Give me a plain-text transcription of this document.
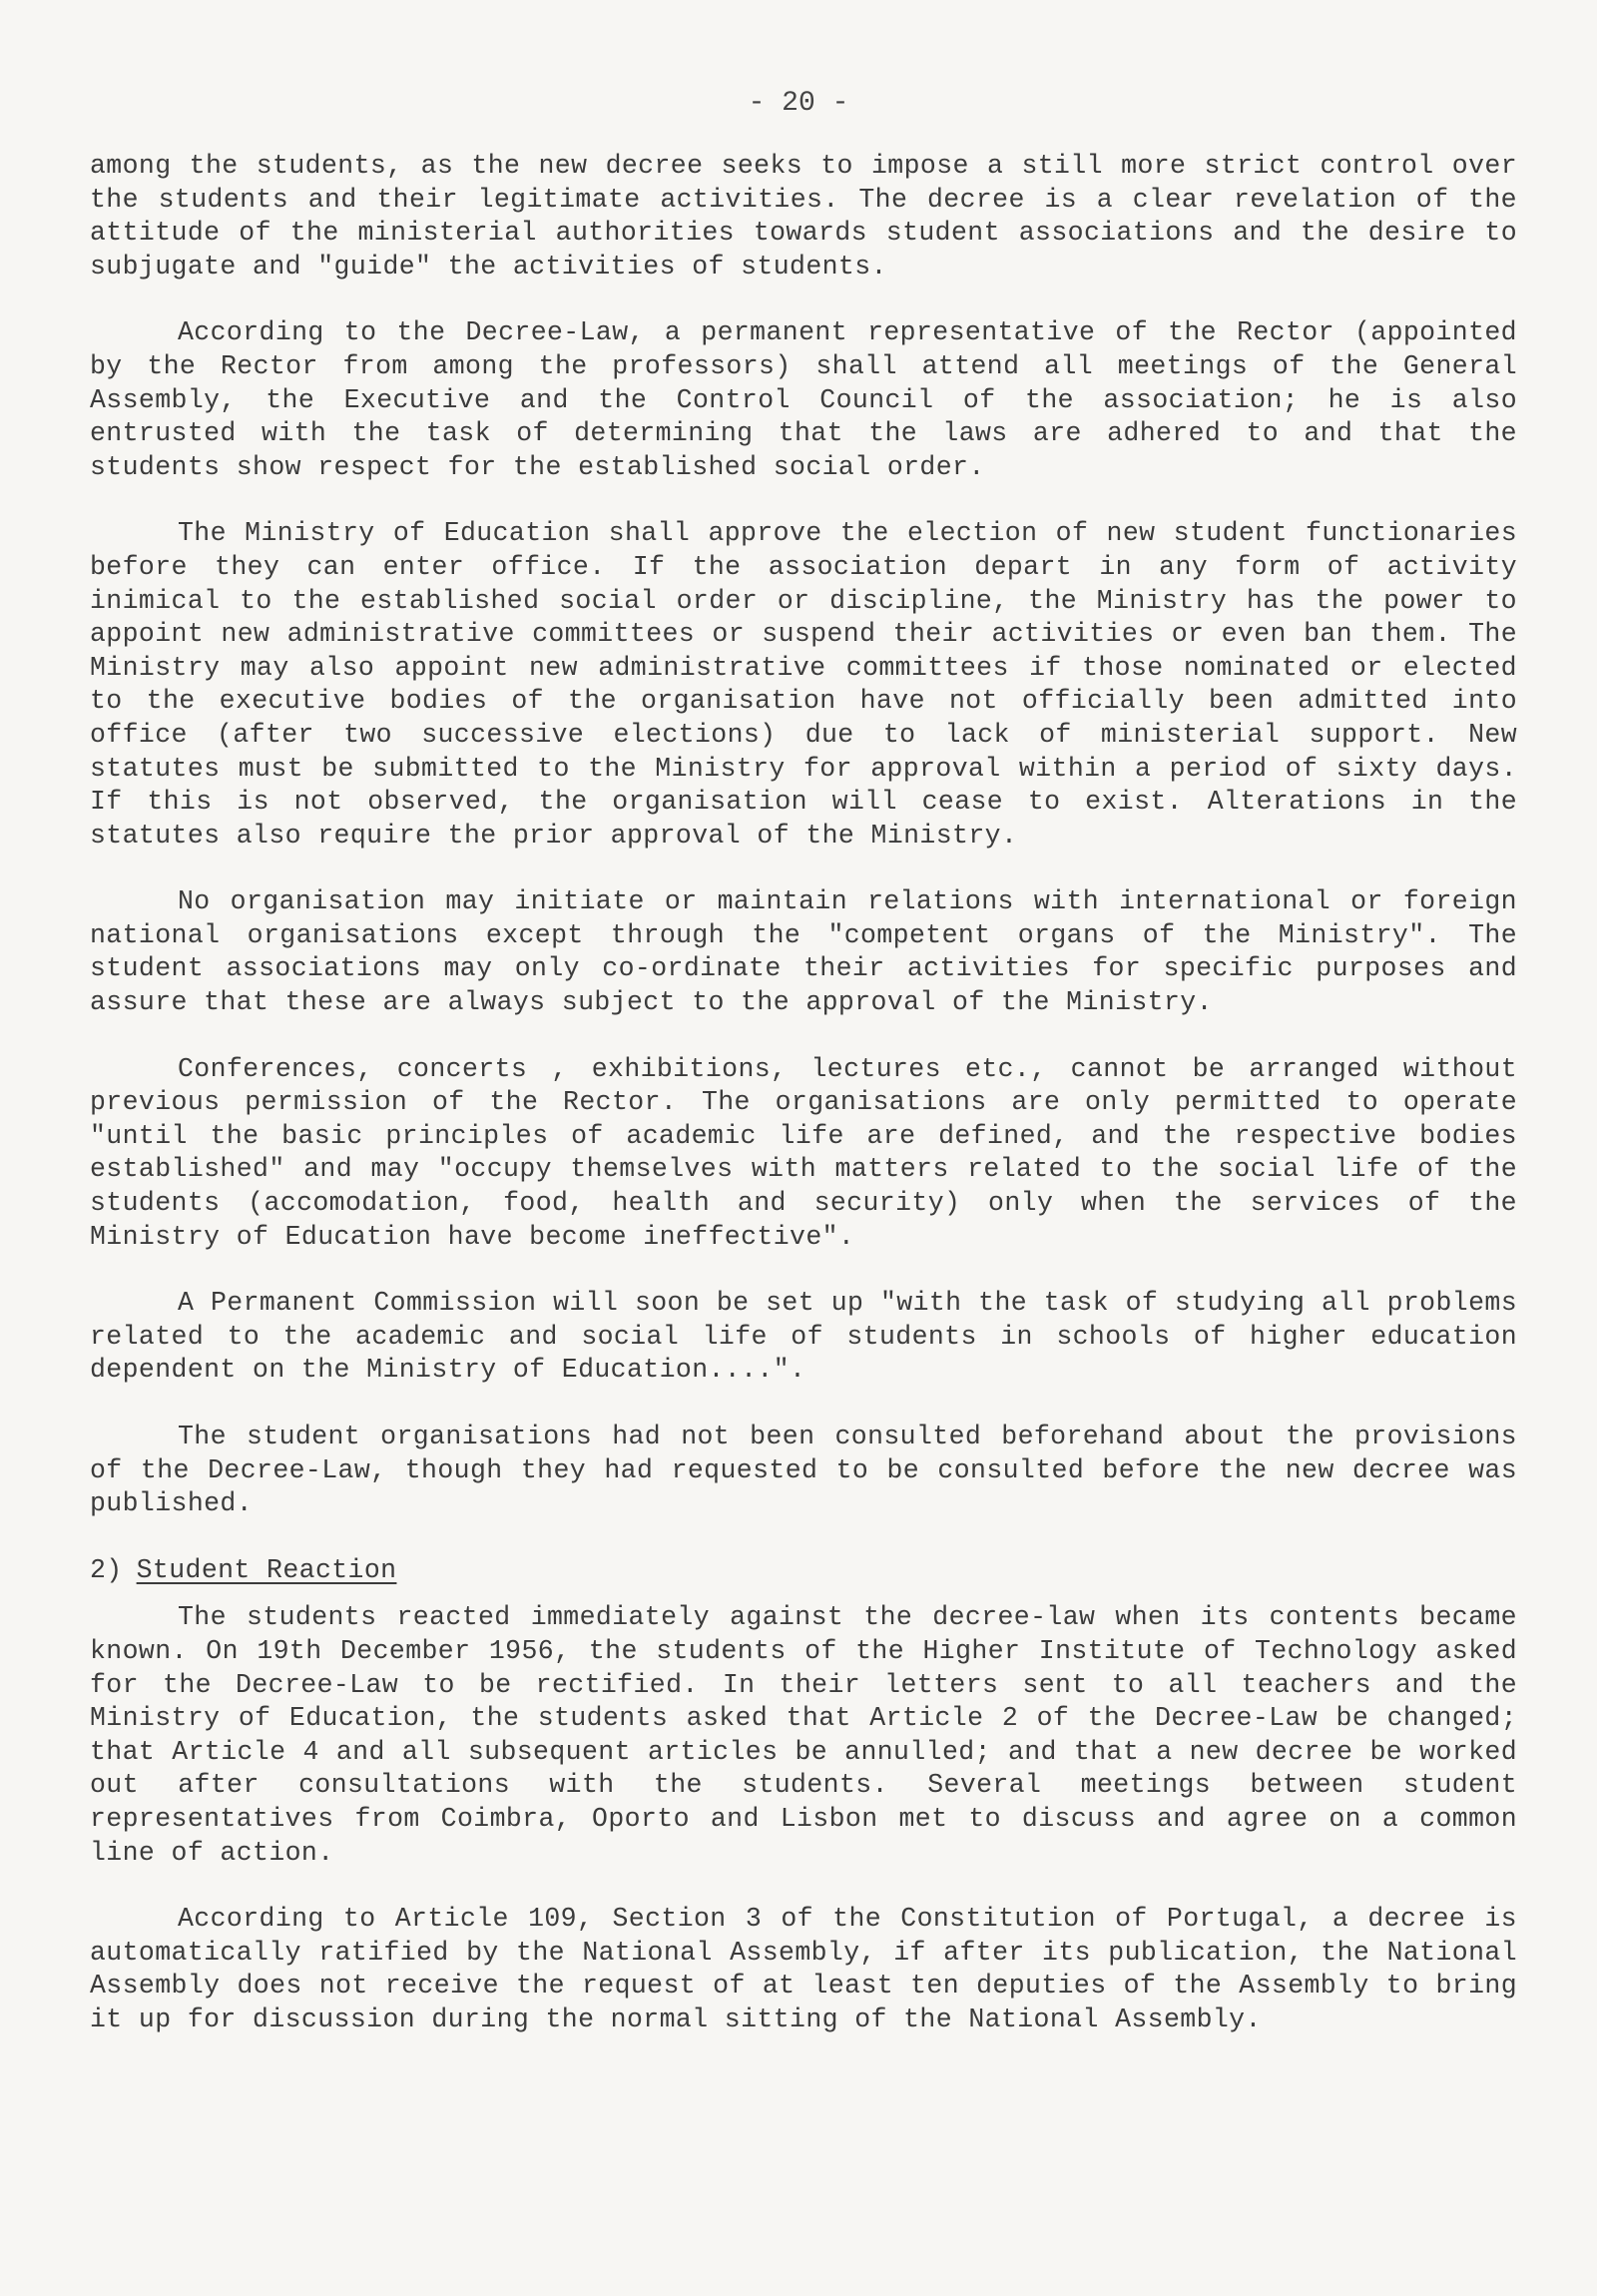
- 20 -

among the students, as the new decree seeks to impose a still more strict control over the students and their legitimate activities. The decree is a clear revelation of the attitude of the ministerial authorities towards student associations and the desire to subjugate and "guide" the activities of students.

According to the Decree-Law, a permanent representative of the Rector (appointed by the Rector from among the professors) shall attend all meetings of the General Assembly, the Executive and the Control Council of the association; he is also entrusted with the task of determining that the laws are adhered to and that the students show respect for the established social order.

The Ministry of Education shall approve the election of new student functionaries before they can enter office. If the association depart in any form of activity inimical to the established social order or discipline, the Ministry has the power to appoint new administrative committees or suspend their activities or even ban them. The Ministry may also appoint new administrative committees if those nominated or elected to the executive bodies of the organisation have not officially been admitted into office (after two successive elections) due to lack of ministerial support. New statutes must be submitted to the Ministry for approval within a period of sixty days. If this is not observed, the organisation will cease to exist. Alterations in the statutes also require the prior approval of the Ministry.

No organisation may initiate or maintain relations with international or foreign national organisations except through the "competent organs of the Ministry". The student associations may only co-ordinate their activities for specific purposes and assure that these are always subject to the approval of the Ministry.

Conferences, concerts , exhibitions, lectures etc., cannot be arranged without previous permission of the Rector. The organisations are only permitted to operate "until the basic principles of academic life are defined, and the respective bodies established" and may "occupy themselves with matters related to the social life of the students (accomodation, food, health and security) only when the services of the Ministry of Education have become ineffective".

A Permanent Commission will soon be set up "with the task of studying all problems related to the academic and social life of students in schools of higher education dependent on the Ministry of Education....".

The student organisations had not been consulted beforehand about the provisions of the Decree-Law, though they had requested to be consulted before the new decree was published.

2) Student Reaction

The students reacted immediately against the decree-law when its contents became known. On 19th December 1956, the students of the Higher Institute of Technology asked for the Decree-Law to be rectified. In their letters sent to all teachers and the Ministry of Education, the students asked that Article 2 of the Decree-Law be changed; that Article 4 and all subsequent articles be annulled; and that a new decree be worked out after consultations with the students. Several meetings between student representatives from Coimbra, Oporto and Lisbon met to discuss and agree on a common line of action.

According to Article 109, Section 3 of the Constitution of Portugal, a decree is automatically ratified by the National Assembly, if after its publication, the National Assembly does not receive the request of at least ten deputies of the Assembly to bring it up for discussion during the normal sitting of the National Assembly.
